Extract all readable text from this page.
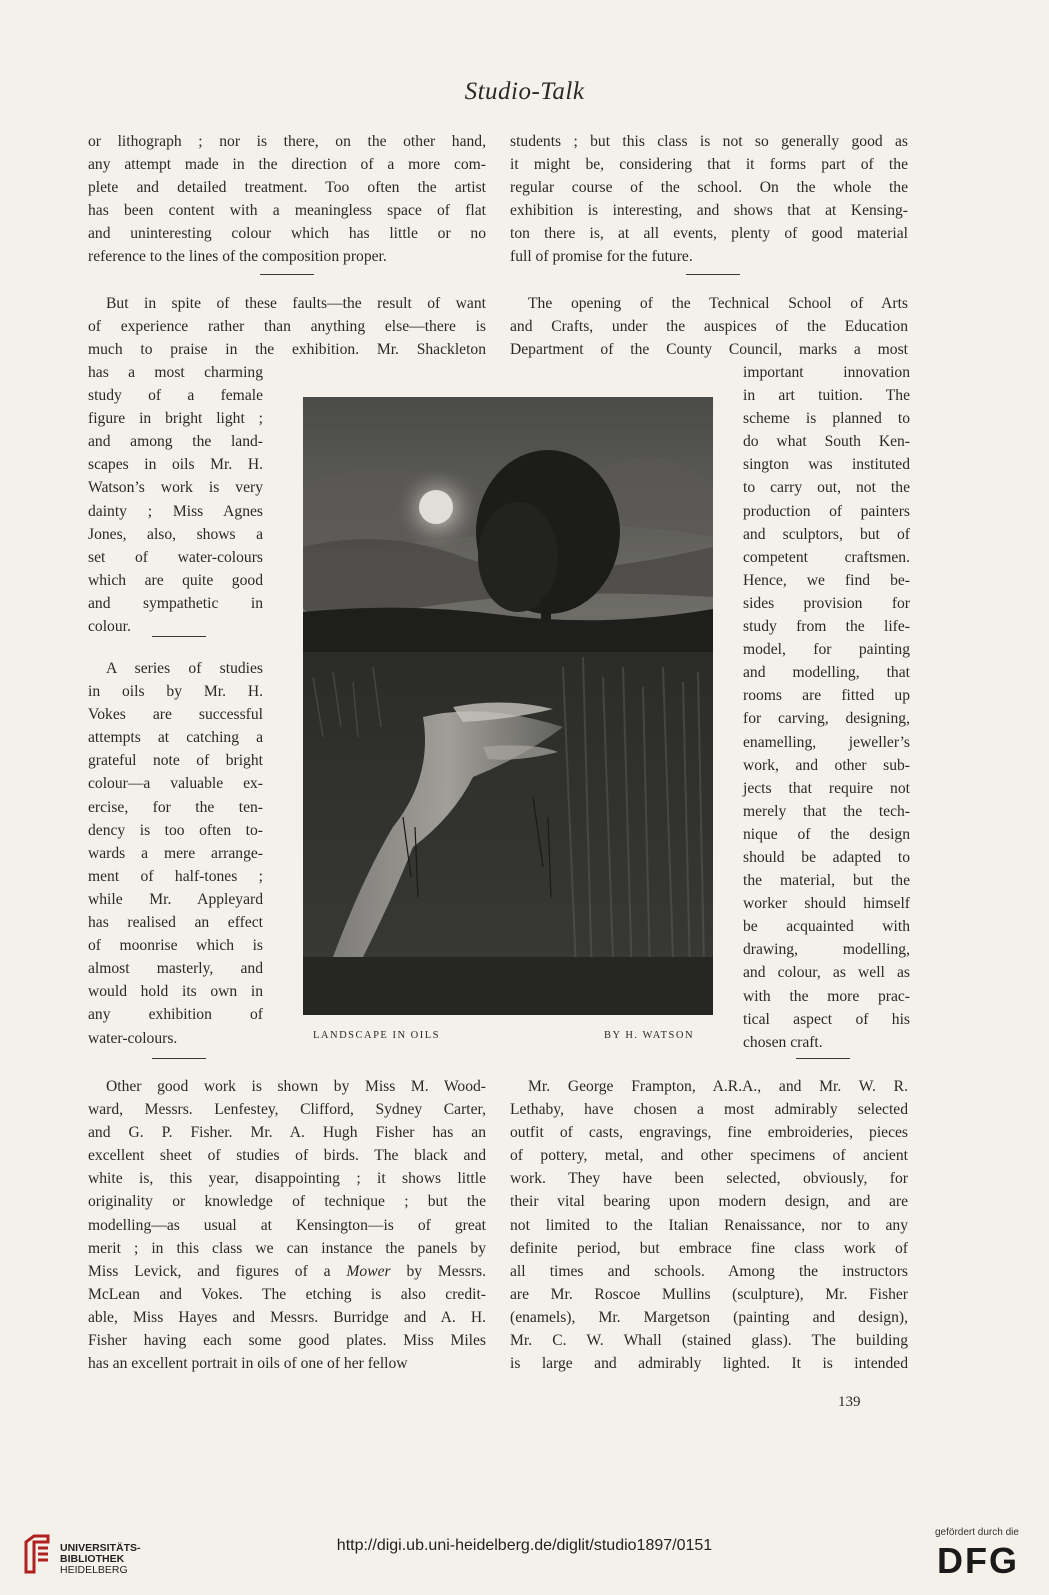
Studio-Talk
or lithograph ; nor is there, on the other hand,
any attempt made in the direction of a more com-
plete and detailed treatment. Too often the artist
has been content with a meaningless space of flat
and uninteresting colour which has little or no
reference to the lines of the composition proper.
But in spite of these faults—the result of want
of experience rather than anything else—there is
much to praise in the exhibition. Mr. Shackleton
has a most charming
study of a female
figure in bright light ;
and among the land-
scapes in oils Mr. H.
Watson’s work is very
dainty ; Miss Agnes
Jones, also, shows a
set of water-colours
which are quite good
and sympathetic in
colour.
A series of studies
in oils by Mr. H.
Vokes are successful
attempts at catching a
grateful note of bright
colour—a valuable ex-
ercise, for the ten-
dency is too often to-
wards a mere arrange-
ment of half-tones ;
while Mr. Appleyard
has realised an effect
of moonrise which is
almost masterly, and
would hold its own in
any exhibition of
water-colours.
Other good work is shown by Miss M. Wood-
ward, Messrs. Lenfestey, Clifford, Sydney Carter,
and G. P. Fisher. Mr. A. Hugh Fisher has an
excellent sheet of studies of birds. The black and
white is, this year, disappointing ; it shows little
originality or knowledge of technique ; but the
modelling—as usual at Kensington—is of great
merit ; in this class we can instance the panels by
Miss Levick, and figures of a Mower by Messrs.
McLean and Vokes. The etching is also credit-
able, Miss Hayes and Messrs. Burridge and A. H.
Fisher having each some good plates. Miss Miles
has an excellent portrait in oils of one of her fellow
students ; but this class is not so generally good as
it might be, considering that it forms part of the
regular course of the school. On the whole the
exhibition is interesting, and shows that at Kensing-
ton there is, at all events, plenty of good material
full of promise for the future.
The opening of the Technical School of Arts
and Crafts, under the auspices of the Education
Department of the County Council, marks a most
important innovation
in art tuition. The
scheme is planned to
do what South Ken-
sington was instituted
to carry out, not the
production of painters
and sculptors, but of
competent craftsmen.
Hence, we find be-
sides provision for
study from the life-
model, for painting
and modelling, that
rooms are fitted up
for carving, designing,
enamelling, jeweller’s
work, and other sub-
jects that require not
merely that the tech-
nique of the design
should be adapted to
the material, but the
worker should himself
be acquainted with
drawing, modelling,
and colour, as well as
with the more prac-
tical aspect of his
chosen craft.
Mr. George Frampton, A.R.A., and Mr. W. R.
Lethaby, have chosen a most admirably selected
outfit of casts, engravings, fine embroideries, pieces
of pottery, metal, and other specimens of ancient
work. They have been selected, obviously, for
their vital bearing upon modern design, and are
not limited to the Italian Renaissance, nor to any
definite period, but embrace fine class work of
all times and schools. Among the instructors
are Mr. Roscoe Mullins (sculpture), Mr. Fisher
(enamels), Mr. Margetson (painting and design),
Mr. C. W. Whall (stained glass). The building
is large and admirably lighted. It is intended
LANDSCAPE IN OILS	BY H. WATSON
139
UNIVERSITÄTS-
BIBLIOTHEK
HEIDELBERG
http://digi.ub.uni-heidelberg.de/diglit/studio1897/0151
gefördert durch die
DFG
